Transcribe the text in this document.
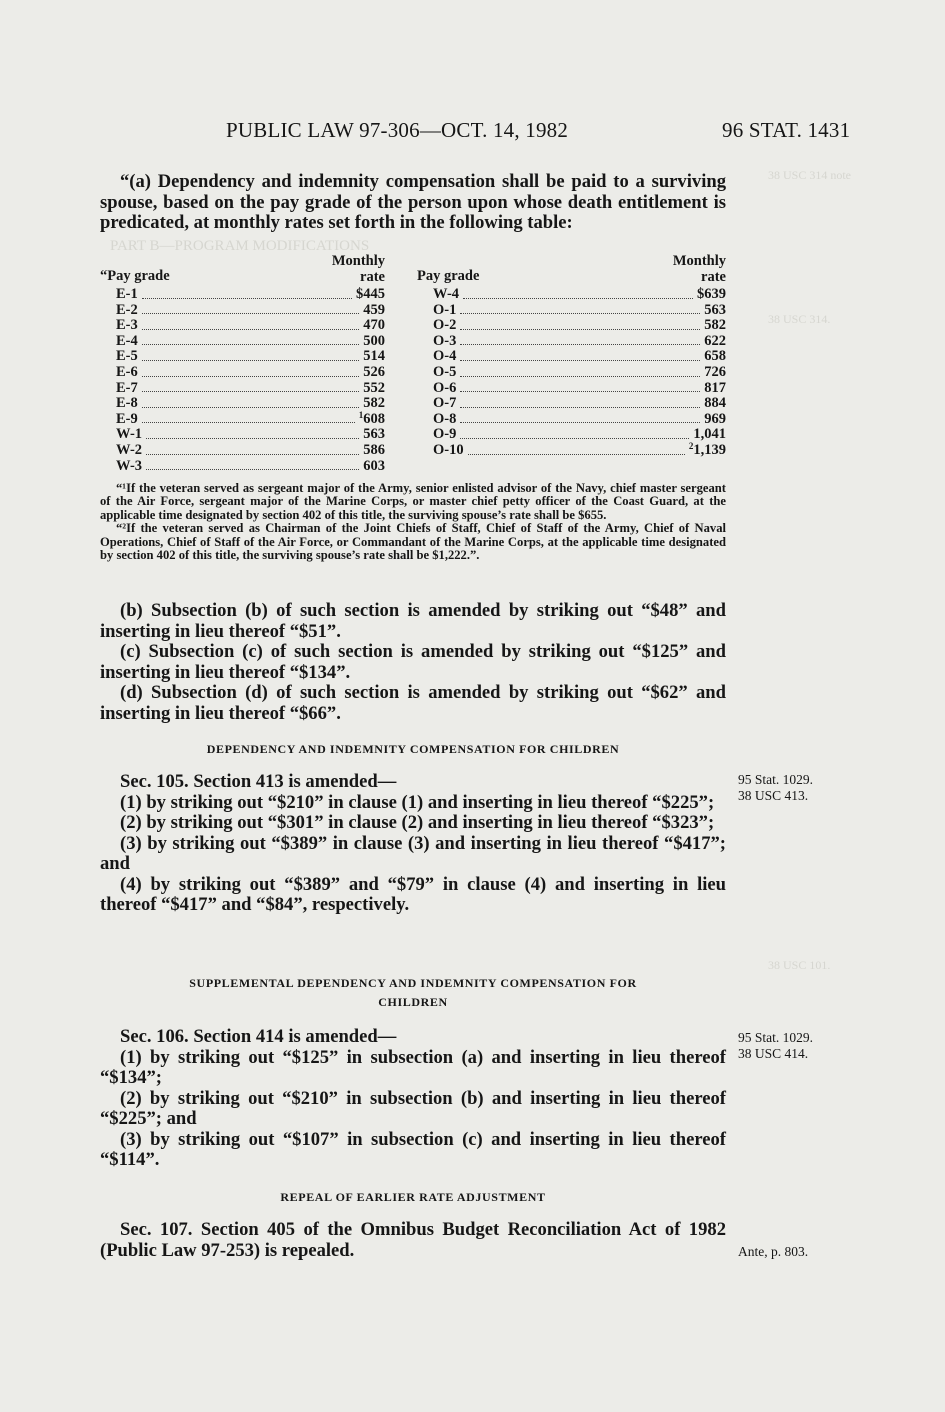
PART B—PROGRAM MODIFICATIONS
38 USC 314 note
38 USC 314.
38 USC 101.
PUBLIC LAW 97-306—OCT. 14, 1982	96 STAT. 1431

“(a) Dependency and indemnity compensation shall be paid to a surviving spouse, based on the pay grade of the person upon whose death entitlement is predicated, at monthly rates set forth in the following table:

“Pay grade
Monthly
rate
E-1	$445
E-2	459
E-3	470
E-4	500
E-5	514
E-6	526
E-7	552
E-8	582
E-9	$^1$608
W-1	563
W-2	586
W-3	603
Pay grade
Monthly
rate
W-4	$639
O-1	563
O-2	582
O-3	622
O-4	658
O-5	726
O-6	817
O-7	884
O-8	969
O-9	1,041
O-10	$^2$1,139

“¹If the veteran served as sergeant major of the Army, senior enlisted advisor of the Navy, chief master sergeant of the Air Force, sergeant major of the Marine Corps, or master chief petty officer of the Coast Guard, at the applicable time designated by section 402 of this title, the surviving spouse’s rate shall be $655.

“²If the veteran served as Chairman of the Joint Chiefs of Staff, Chief of Staff of the Army, Chief of Naval Operations, Chief of Staff of the Air Force, or Commandant of the Marine Corps, at the applicable time designated by section 402 of this title, the surviving spouse’s rate shall be $1,222.”.

(b) Subsection (b) of such section is amended by striking out “$48” and inserting in lieu thereof “$51”.

(c) Subsection (c) of such section is amended by striking out “$125” and inserting in lieu thereof “$134”.

(d) Subsection (d) of such section is amended by striking out “$62” and inserting in lieu thereof “$66”.

DEPENDENCY AND INDEMNITY COMPENSATION FOR CHILDREN

Sec. 105. Section 413 is amended—

(1) by striking out “$210” in clause (1) and inserting in lieu thereof “$225”;

(2) by striking out “$301” in clause (2) and inserting in lieu thereof “$323”;

(3) by striking out “$389” in clause (3) and inserting in lieu thereof “$417”; and

(4) by striking out “$389” and “$79” in clause (4) and inserting in lieu thereof “$417” and “$84”, respectively.

95 Stat. 1029.
38 USC 413.
SUPPLEMENTAL DEPENDENCY AND INDEMNITY COMPENSATION FOR
CHILDREN

Sec. 106. Section 414 is amended—

(1) by striking out “$125” in subsection (a) and inserting in lieu thereof “$134”;

(2) by striking out “$210” in subsection (b) and inserting in lieu thereof “$225”; and

(3) by striking out “$107” in subsection (c) and inserting in lieu thereof “$114”.

95 Stat. 1029.
38 USC 414.
REPEAL OF EARLIER RATE ADJUSTMENT

Sec. 107. Section 405 of the Omnibus Budget Reconciliation Act of 1982 (Public Law 97-253) is repealed.	Ante, p. 803.
